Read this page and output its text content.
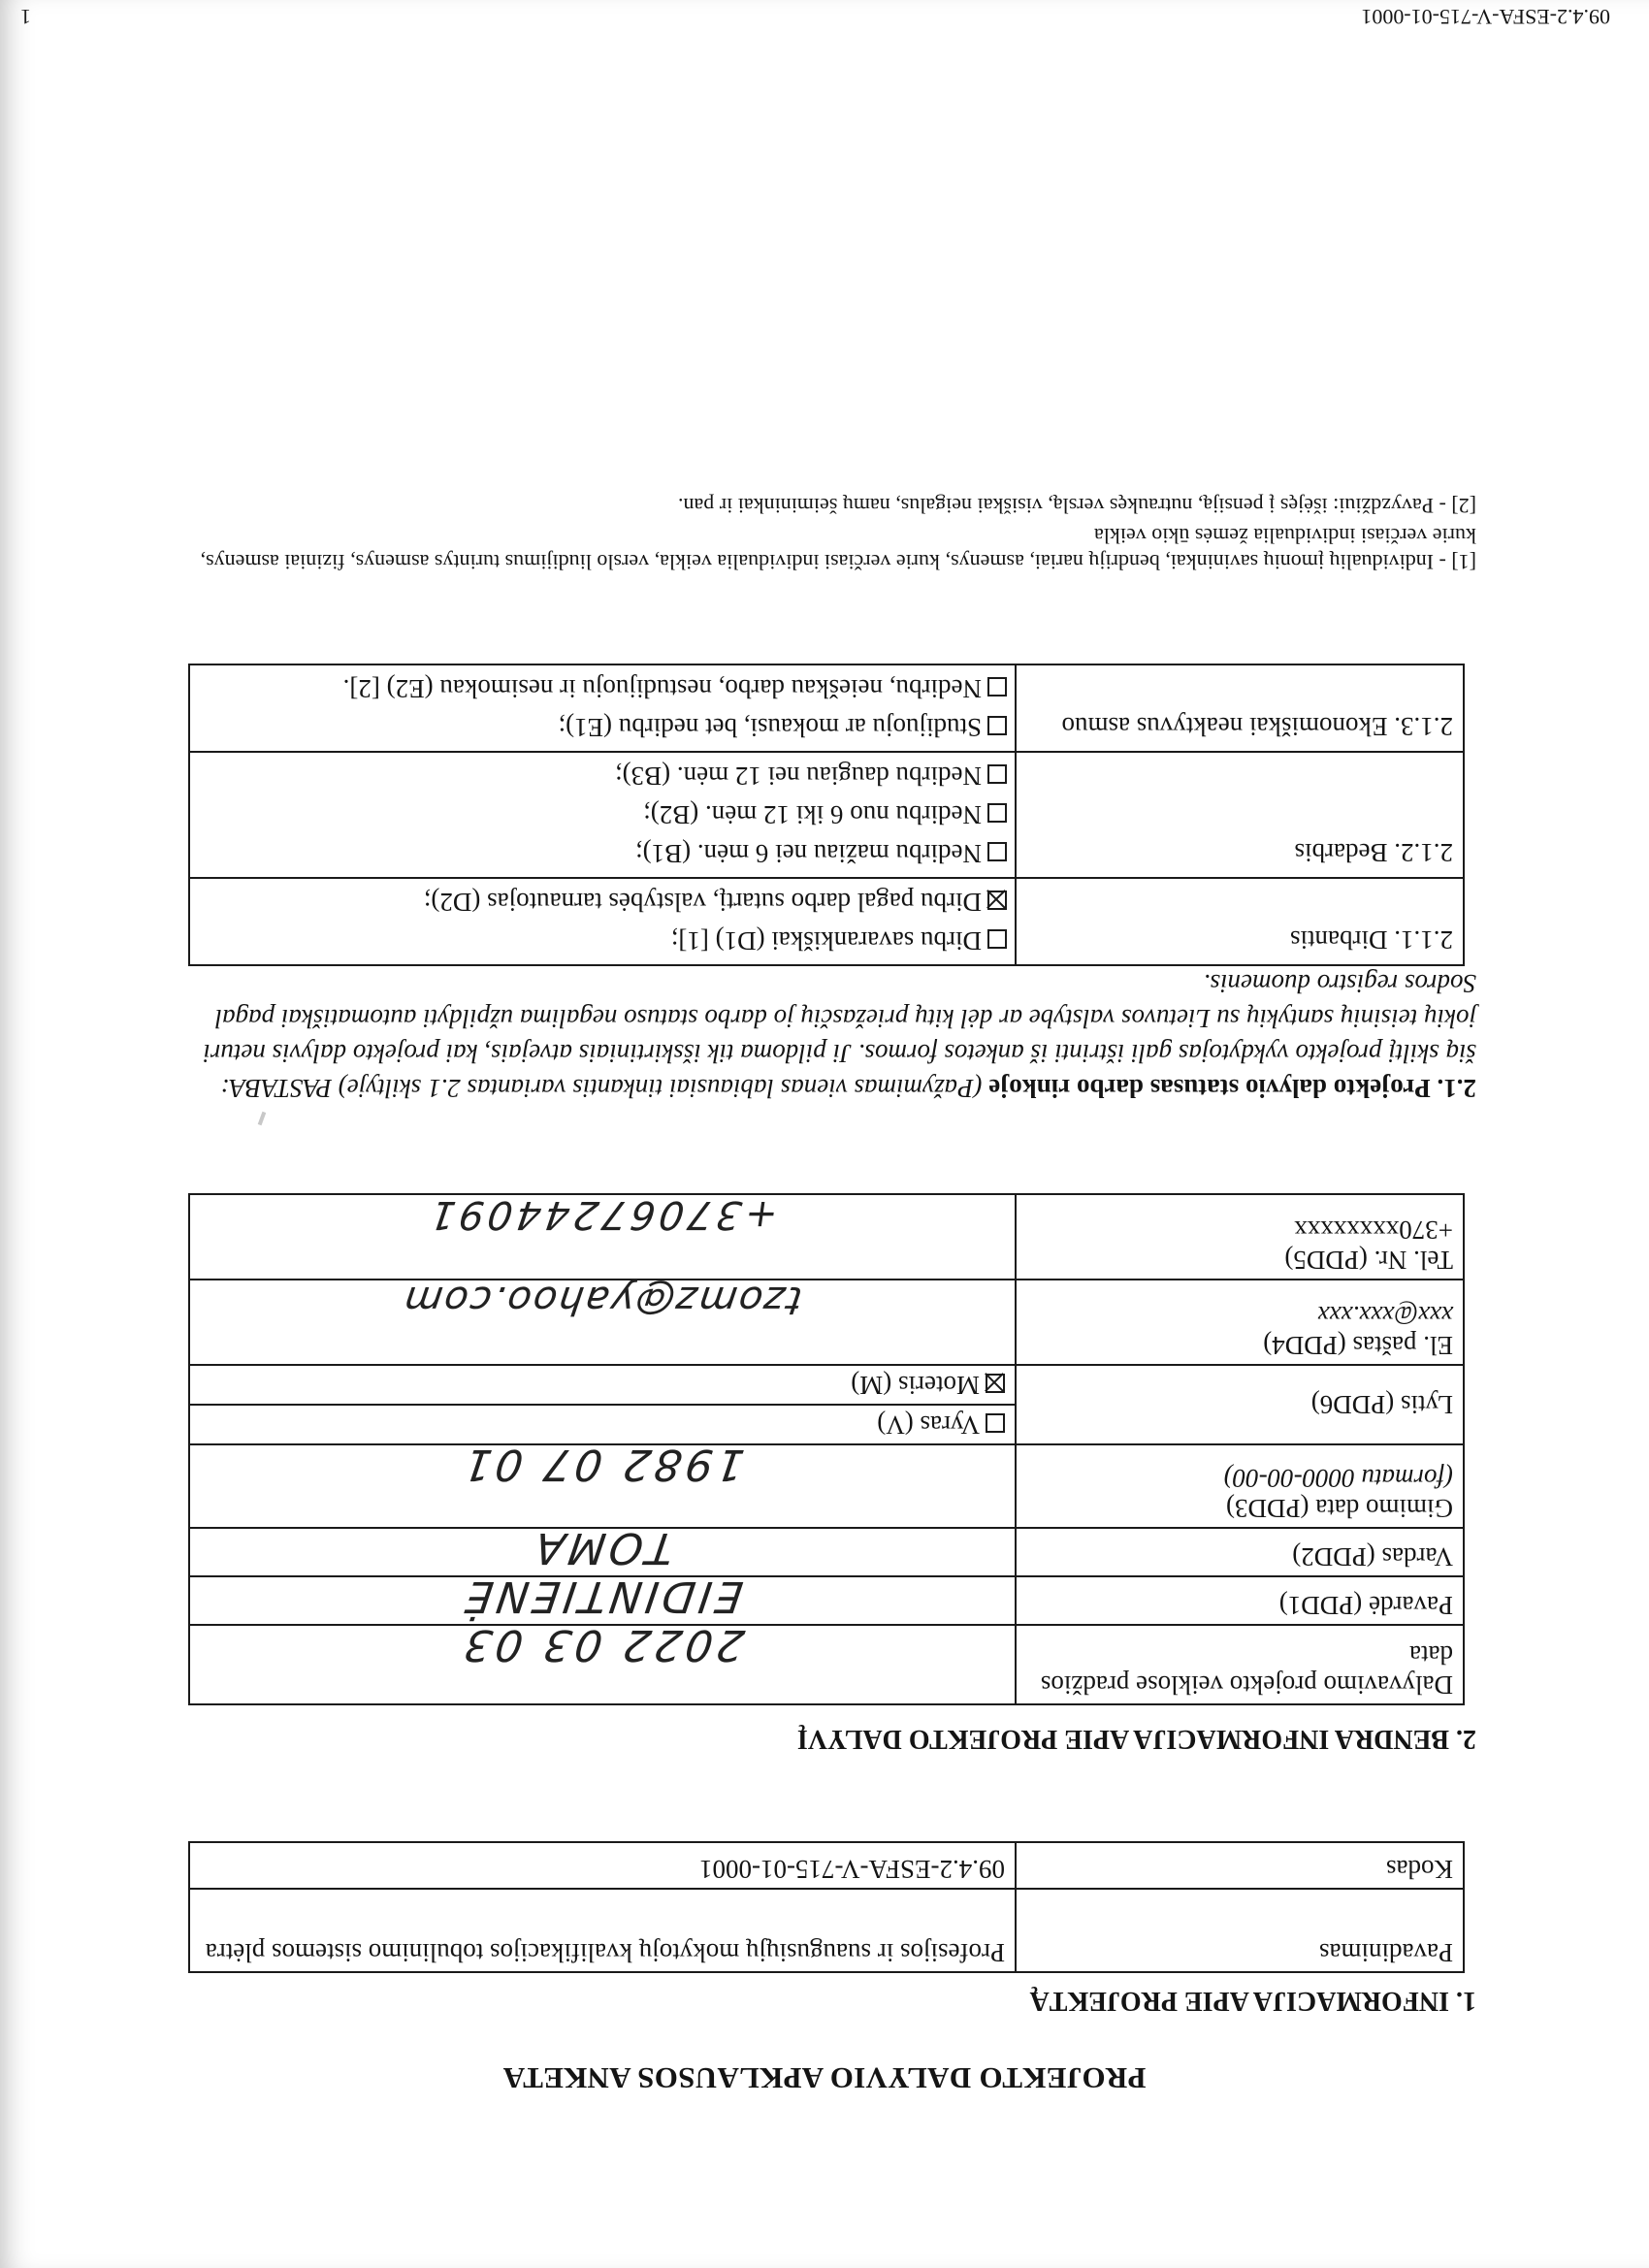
09.4.2-ESFA-V-715-01-0001
1
PROJEKTO DALYVIO APKLAUSOS ANKETA
1. INFORMACIJA APIE PROJEKTĄ
Pavadinimas	Profesijos ir suaugusiųjų mokytojų kvalifikacijos tobulinimo sistemos plėtra
Kodas	09.4.2-ESFA-V-715-01-0001
2. BENDRA INFORMACIJA APIE PROJEKTO DALYVĮ
Dalyvavimo projekto veiklose pradžios data	2022 03 03

Pavardė (PDD1)	EIDINTIENĖ

Vardas (PDD2)	TOMA

Gimimo data (PDD3)
(formatu 0000-00-00)	1982 07 01

Lytis (PDD6)	Vyras (V)
	Moteris (M)

El. paštas (PDD4)
xxx@xxx.xxx	tzomz@yahoo.com

Tel. Nr. (PDD5)
+370xxxxxxxx	+37067244091
2.1. Projekto dalyvio statusas darbo rinkoje (Pažymimas vienas labiausiai tinkantis variantas 2.1 skiltyje) PASTABA: šią skiltį projekto vykdytojas gali ištrinti iš anketos formos. Ji pildoma tik išskirtiniais atvejais, kai projekto dalyvis neturi jokių teisinių santykių su Lietuvos valstybe ar dėl kitų priežasčių jo darbo statuso negalima užpildyti automatiškai pagal Sodros registro duomenis.
2.1.1. Dirbantis	Dirbu savarankiškai (D1) [1];
Dirbu pagal darbo sutartį, valstybės tarnautojas (D2);

2.1.2. Bedarbis	Nedirbu mažiau nei 6 mėn. (B1);
Nedirbu nuo 6 iki 12 mėn. (B2);
Nedirbu daugiau nei 12 mėn. (B3);

2.1.3. Ekonomiškai neaktyvus asmuo	Studijuoju ar mokausi, bet nedirbu (E1);
Nedirbu, neieškau darbo, nestudijuoju ir nesimokau (E2) [2].
[1] - Individualių įmonių savininkai, bendrijų nariai, asmenys, kurie verčiasi individualia veikla, verslo liudijimus turintys asmenys, fiziniai asmenys, kurie verčiasi individualia žemės ūkio veikla
[2] - Pavyzdžiui: išėjęs į pensiją, nutraukęs verslą, visiškai neigalus, namų šeimininkai ir pan.
